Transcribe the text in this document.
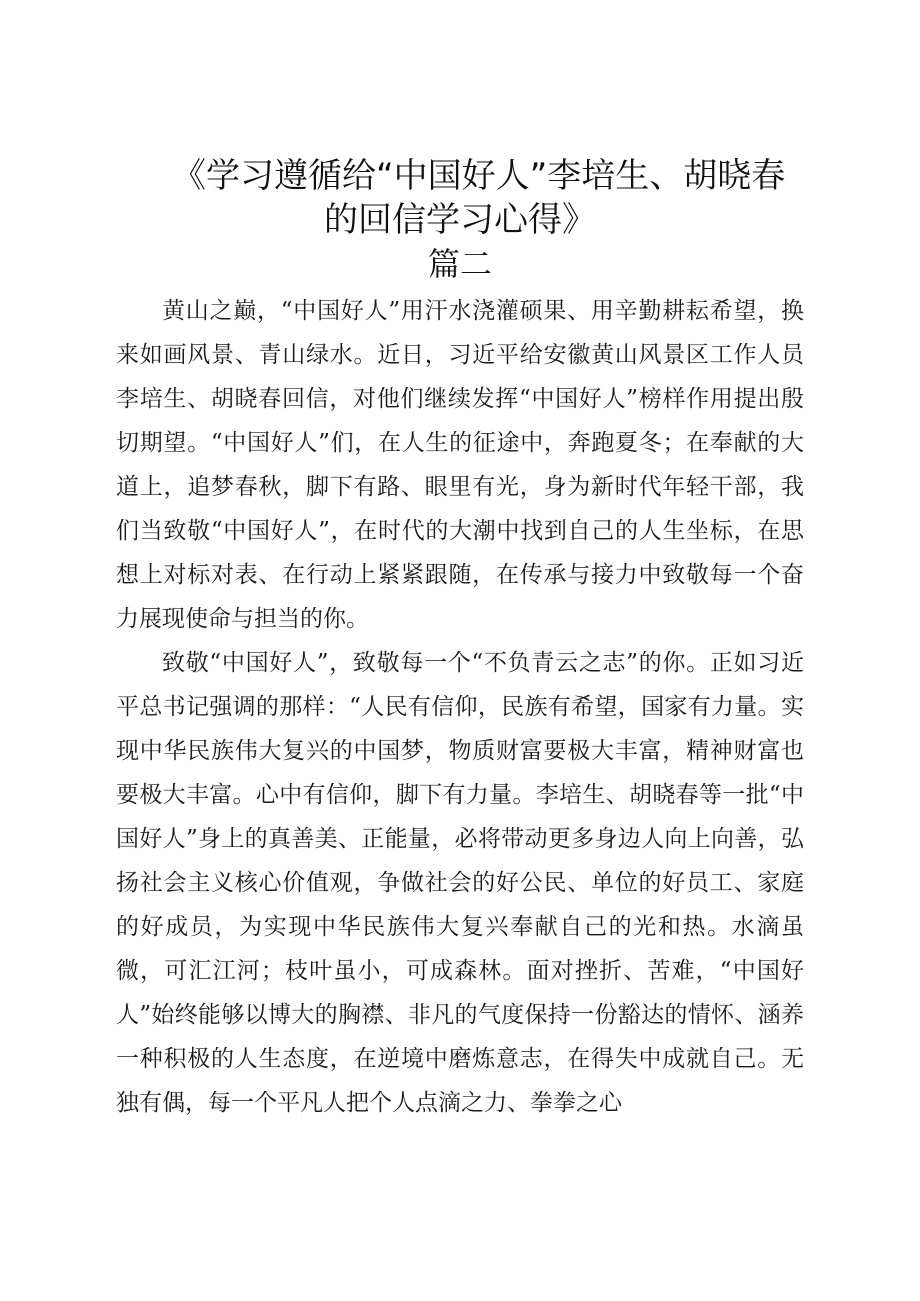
《学习遵循给“中国好人”李培生、胡晓春
的回信学习心得》
篇二

黄山之巅，“中国好人”用汗水浇灌硕果、用辛勤耕耘希望，换来如画风景、青山绿水。近日，习近平给安徽黄山风景区工作人员李培生、胡晓春回信，对他们继续发挥“中国好人”榜样作用提出殷切期望。“中国好人”们，在人生的征途中，奔跑夏冬；在奉献的大道上，追梦春秋，脚下有路、眼里有光，身为新时代年轻干部，我们当致敬“中国好人”，在时代的大潮中找到自己的人生坐标，在思想上对标对表、在行动上紧紧跟随，在传承与接力中致敬每一个奋力展现使命与担当的你。

致敬“中国好人”，致敬每一个“不负青云之志”的你。正如习近平总书记强调的那样：“人民有信仰，民族有希望，国家有力量。实现中华民族伟大复兴的中国梦，物质财富要极大丰富，精神财富也要极大丰富。心中有信仰，脚下有力量。李培生、胡晓春等一批“中国好人”身上的真善美、正能量，必将带动更多身边人向上向善，弘扬社会主义核心价值观，争做社会的好公民、单位的好员工、家庭的好成员，为实现中华民族伟大复兴奉献自己的光和热。水滴虽微，可汇江河；枝叶虽小，可成森林。面对挫折、苦难，“中国好人”始终能够以博大的胸襟、非凡的气度保持一份豁达的情怀、涵养一种积极的人生态度，在逆境中磨炼意志，在得失中成就自己。无独有偶，每一个平凡人把个人点滴之力、拳拳之心
